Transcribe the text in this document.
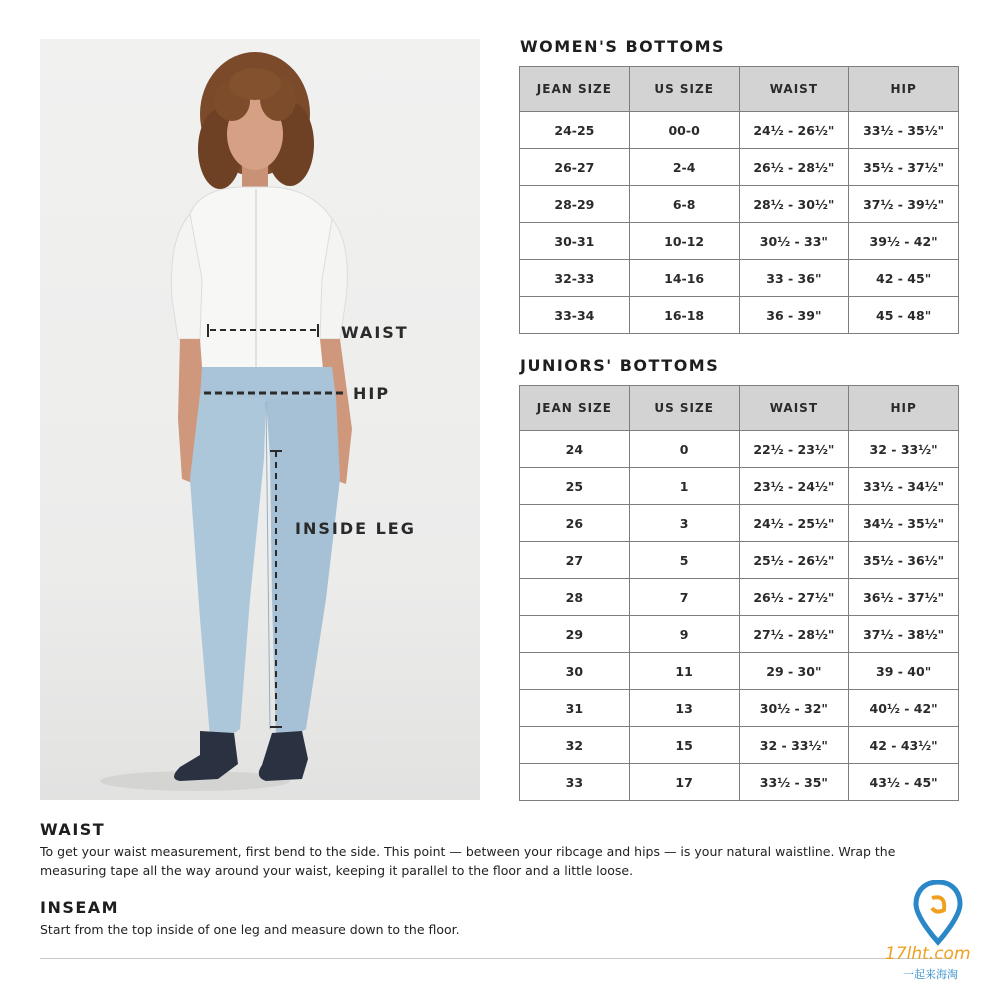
WAIST
HIP
INSIDE LEG
WOMEN'S BOTTOMS
JEAN SIZE	US SIZE	WAIST	HIP
24-25	00-0	24½ - 26½"	33½ - 35½"
26-27	2-4	26½ - 28½"	35½ - 37½"
28-29	6-8	28½ - 30½"	37½ - 39½"
30-31	10-12	30½ - 33"	39½ - 42"
32-33	14-16	33 - 36"	42 - 45"
33-34	16-18	36 - 39"	45 - 48"
JUNIORS' BOTTOMS
JEAN SIZE	US SIZE	WAIST	HIP
24	0	22½ - 23½"	32 - 33½"
25	1	23½ - 24½"	33½ - 34½"
26	3	24½ - 25½"	34½ - 35½"
27	5	25½ - 26½"	35½ - 36½"
28	7	26½ - 27½"	36½ - 37½"
29	9	27½ - 28½"	37½ - 38½"
30	11	29 - 30"	39 - 40"
31	13	30½ - 32"	40½ - 42"
32	15	32 - 33½"	42 - 43½"
33	17	33½ - 35"	43½ - 45"
WAIST
To get your waist measurement, first bend to the side. This point — between your ribcage and hips — is your natural waistline. Wrap the measuring tape all the way around your waist, keeping it parallel to the floor and a little loose.
INSEAM
Start from the top inside of one leg and measure down to the floor.
17lht.com
一起来海淘
